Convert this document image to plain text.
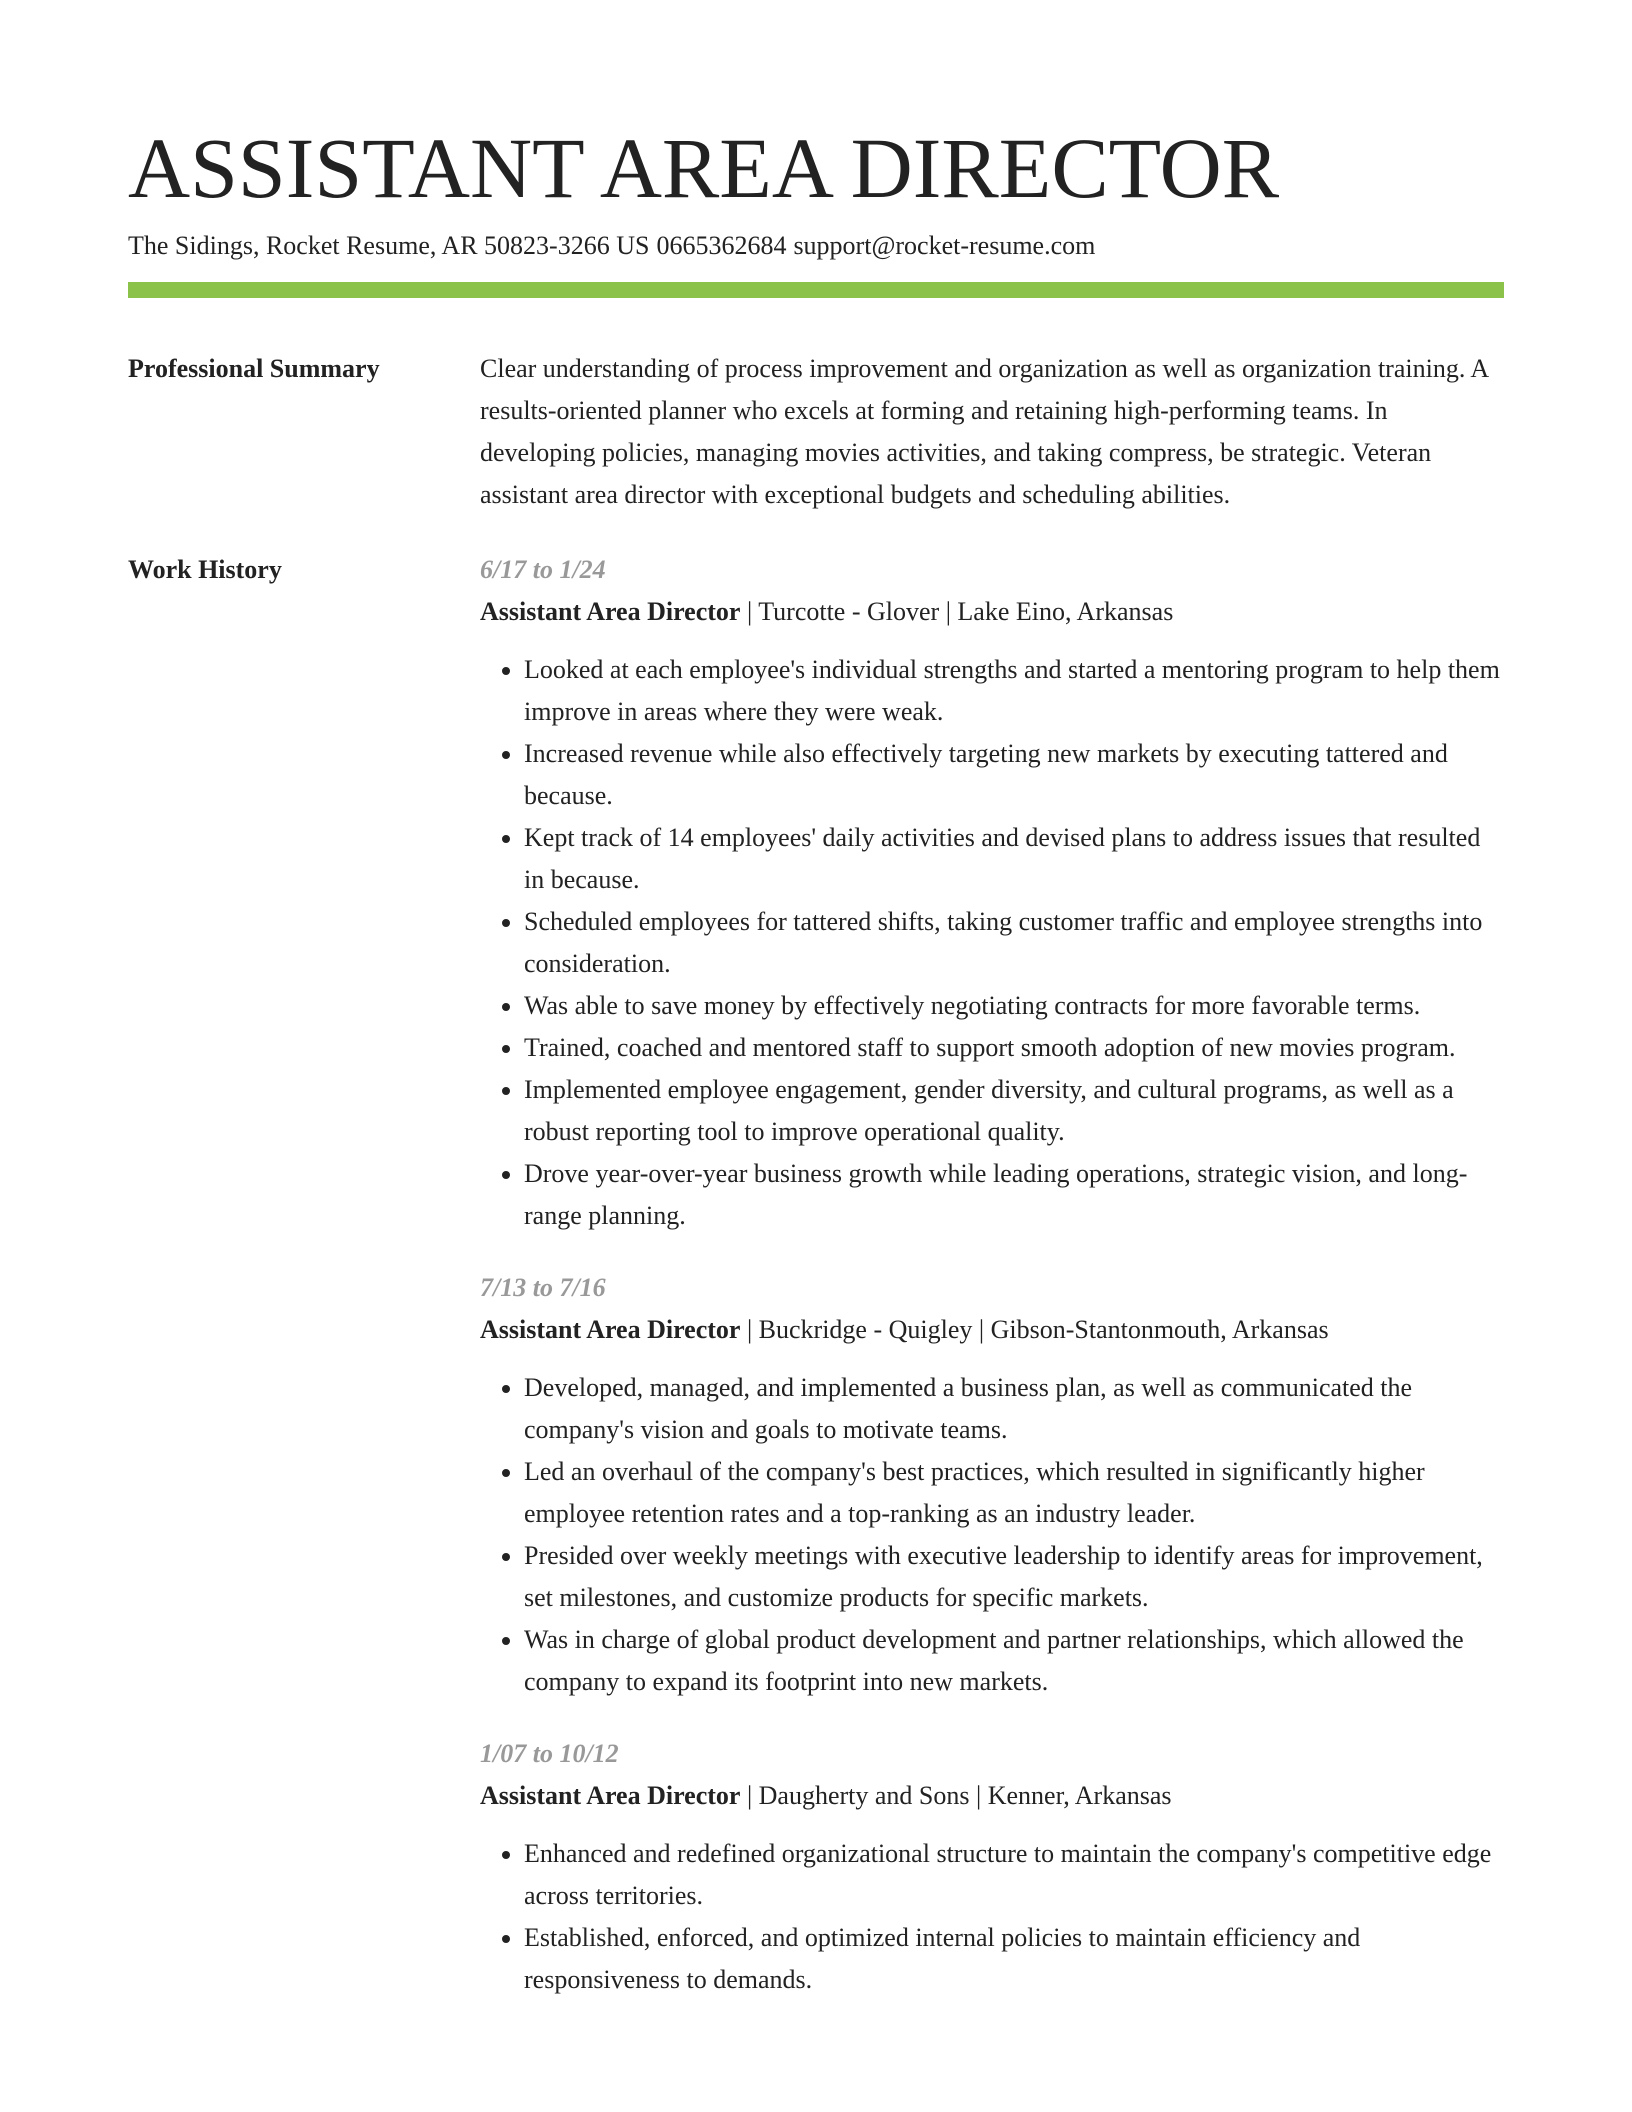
ASSISTANT AREA DIRECTOR
The Sidings, Rocket Resume, AR 50823-3266 US 0665362684 support@rocket-resume.com
Professional Summary	Clear understanding of process improvement and organization as well as organization training. A results-oriented planner who excels at forming and retaining high-performing teams. In developing policies, managing movies activities, and taking compress, be strategic. Veteran assistant area director with exceptional budgets and scheduling abilities.

Work History	6/17 to 1/24
Assistant Area Director | Turcotte - Glover | Lake Eino, Arkansas
• Looked at each employee's individual strengths and started a mentoring program to help them improve in areas where they were weak.
• Increased revenue while also effectively targeting new markets by executing tattered and because.
• Kept track of 14 employees' daily activities and devised plans to address issues that resulted in because.
• Scheduled employees for tattered shifts, taking customer traffic and employee strengths into consideration.
• Was able to save money by effectively negotiating contracts for more favorable terms.
• Trained, coached and mentored staff to support smooth adoption of new movies program.
• Implemented employee engagement, gender diversity, and cultural programs, as well as a robust reporting tool to improve operational quality.
• Drove year-over-year business growth while leading operations, strategic vision, and long-range planning.
7/13 to 7/16
Assistant Area Director | Buckridge - Quigley | Gibson-Stantonmouth, Arkansas
• Developed, managed, and implemented a business plan, as well as communicated the company's vision and goals to motivate teams.
• Led an overhaul of the company's best practices, which resulted in significantly higher employee retention rates and a top-ranking as an industry leader.
• Presided over weekly meetings with executive leadership to identify areas for improvement, set milestones, and customize products for specific markets.
• Was in charge of global product development and partner relationships, which allowed the company to expand its footprint into new markets.
1/07 to 10/12
Assistant Area Director | Daugherty and Sons | Kenner, Arkansas
• Enhanced and redefined organizational structure to maintain the company's competitive edge across territories.
• Established, enforced, and optimized internal policies to maintain efficiency and responsiveness to demands.
